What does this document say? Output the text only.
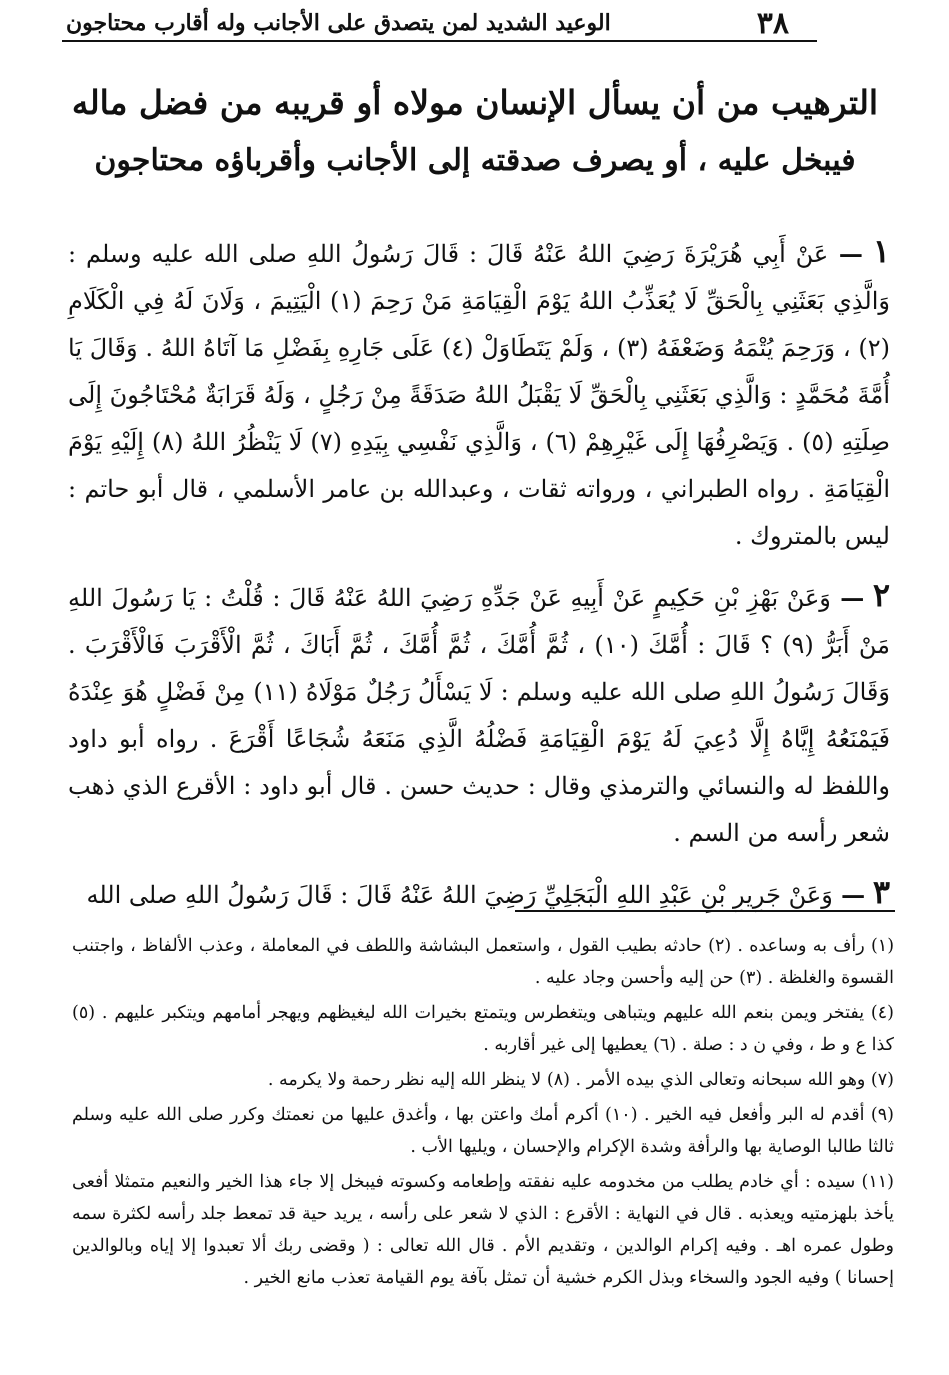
٣٨
الوعيد الشديد لمن يتصدق على الأجانب وله أقارب محتاجون
الترهيب من أن يسأل الإنسان مولاه أو قريبه من فضل ماله
فيبخل عليه ، أو يصرف صدقته إلى الأجانب وأقرباؤه محتاجون

١ — عَنْ أَبِي هُرَيْرَةَ رَضِيَ اللهُ عَنْهُ قَالَ : قَالَ رَسُولُ اللهِ صلى الله عليه وسلم : وَالَّذِي بَعَثَنِي بِالْحَقِّ لَا يُعَذِّبُ اللهُ يَوْمَ الْقِيَامَةِ مَنْ رَحِمَ (١) الْيَتِيمَ ، وَلَانَ لَهُ فِي الْكَلَامِ (٢) ، وَرَحِمَ يُتْمَهُ وَضَعْفَهُ (٣) ، وَلَمْ يَتَطَاوَلْ (٤) عَلَى جَارِهِ بِفَضْلِ مَا آتَاهُ اللهُ . وَقَالَ يَا أُمَّةَ مُحَمَّدٍ : وَالَّذِي بَعَثَنِي بِالْحَقِّ لَا يَقْبَلُ اللهُ صَدَقَةً مِنْ رَجُلٍ ، وَلَهُ قَرَابَةٌ مُحْتَاجُونَ إِلَى صِلَتِهِ (٥) . وَيَصْرِفُهَا إِلَى غَيْرِهِمْ (٦) ، وَالَّذِي نَفْسِي بِيَدِهِ (٧) لَا يَنْظُرُ اللهُ (٨) إِلَيْهِ يَوْمَ الْقِيَامَةِ . رواه الطبراني ، ورواته ثقات ، وعبدالله بن عامر الأسلمي ، قال أبو حاتم : ليس بالمتروك .

٢ — وَعَنْ بَهْزِ بْنِ حَكِيمٍ عَنْ أَبِيهِ عَنْ جَدِّهِ رَضِيَ اللهُ عَنْهُ قَالَ : قُلْتُ : يَا رَسُولَ اللهِ مَنْ أَبَرُّ (٩) ؟ قَالَ : أُمَّكَ (١٠) ، ثُمَّ أُمَّكَ ، ثُمَّ أُمَّكَ ، ثُمَّ أَبَاكَ ، ثُمَّ الْأَقْرَبَ فَالْأَقْرَبَ . وَقَالَ رَسُولُ اللهِ صلى الله عليه وسلم : لَا يَسْأَلُ رَجُلٌ مَوْلَاهُ (١١) مِنْ فَضْلٍ هُوَ عِنْدَهُ فَيَمْنَعُهُ إِيَّاهُ إِلَّا دُعِيَ لَهُ يَوْمَ الْقِيَامَةِ فَضْلُهُ الَّذِي مَنَعَهُ شُجَاعًا أَقْرَعَ . رواه أبو داود واللفظ له والنسائي والترمذي وقال : حديث حسن . قال أبو داود : الأقرع الذي ذهب شعر رأسه من السم .

٣ — وَعَنْ جَرِيرِ بْنِ عَبْدِ اللهِ الْبَجَلِيِّ رَضِيَ اللهُ عَنْهُ قَالَ : قَالَ رَسُولُ اللهِ صلى الله

(١) رأف به وساعده . (٢) حادثه بطيب القول ، واستعمل البشاشة واللطف في المعاملة ، وعذب الألفاظ ، واجتنب القسوة والغلظة . (٣) حن إليه وأحسن وجاد عليه .

(٤) يفتخر ويمن بنعم الله عليهم ويتباهى ويتغطرس ويتمتع بخيرات الله ليغيظهم ويهجر أمامهم ويتكبر عليهم . (٥) كذا ع و ط ، وفي ن د : صلة . (٦) يعطيها إلى غير أقاربه .

(٧) وهو الله سبحانه وتعالى الذي بيده الأمر . (٨) لا ينظر الله إليه نظر رحمة ولا يكرمه .

(٩) أقدم له البر وأفعل فيه الخير . (١٠) أكرم أمك واعتن بها ، وأغدق عليها من نعمتك وكرر صلى الله عليه وسلم ثالثا طالبا الوصاية بها والرأفة وشدة الإكرام والإحسان ، ويليها الأب .

(١١) سيده : أي خادم يطلب من مخدومه عليه نفقته وإطعامه وكسوته فيبخل إلا جاء هذا الخير والنعيم متمثلا أفعى يأخذ بلهزمتيه ويعذبه . قال في النهاية : الأقرع : الذي لا شعر على رأسه ، يريد حية قد تمعط جلد رأسه لكثرة سمه وطول عمره اهـ . وفيه إكرام الوالدين ، وتقديم الأم . قال الله تعالى : ( وقضى ربك ألا تعبدوا إلا إياه وبالوالدين إحسانا ) وفيه الجود والسخاء وبذل الكرم خشية أن تمثل بآفة يوم القيامة تعذب مانع الخير .
